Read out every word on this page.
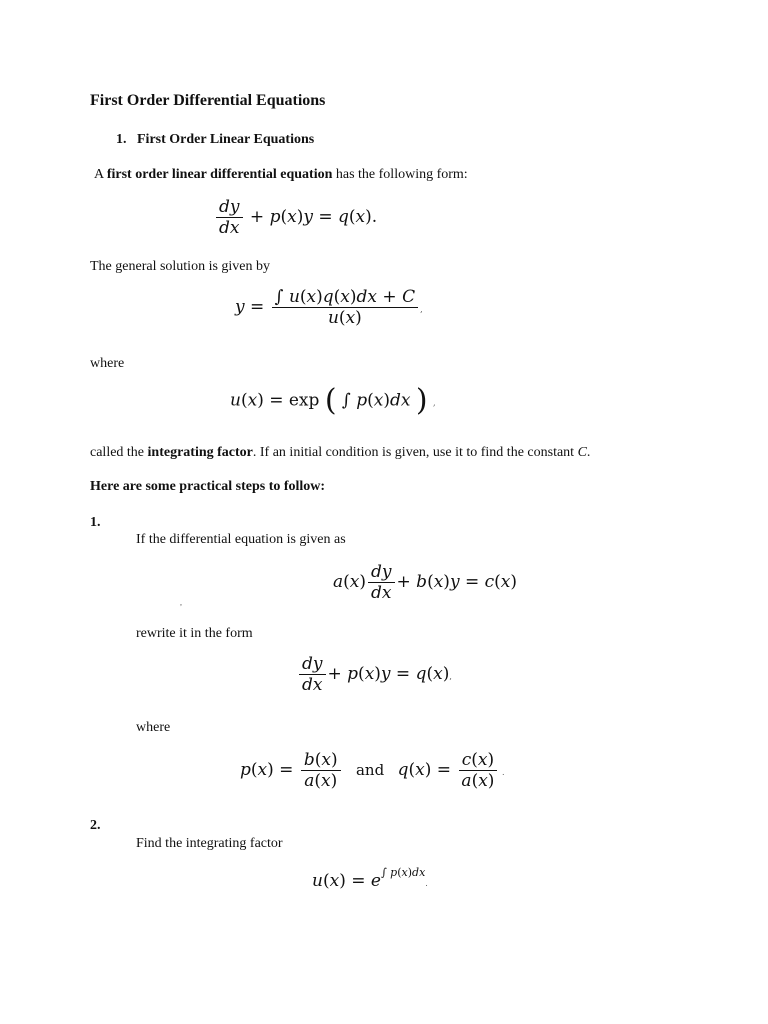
First Order Differential Equations
1. First Order Linear Equations
A first order linear differential equation has the following form:
$\frac{dy}{dx} + p(x)y = q(x)$.
The general solution is given by
$y = \frac{\int u(x)q(x)dx + C}{u(x)}$ ,
where
u(x) = exp ( ∫ p(x)dx ) ,
called the integrating factor. If an initial condition is given, use it to find the constant C.
Here are some practical steps to follow:
1.
If the differential equation is given as
,
$a(x) \frac{dy}{dx} + b(x)y = c(x)$
rewrite it in the form
$\frac{dy}{dx} + p(x)y = q(x)$,
where
$p(x) = \frac{b(x)}{a(x)}$ and $q(x) = \frac{c(x)}{a(x)}$ .
2.
Find the integrating factor
$u(x) = e^{\int p(x)dx}$.
